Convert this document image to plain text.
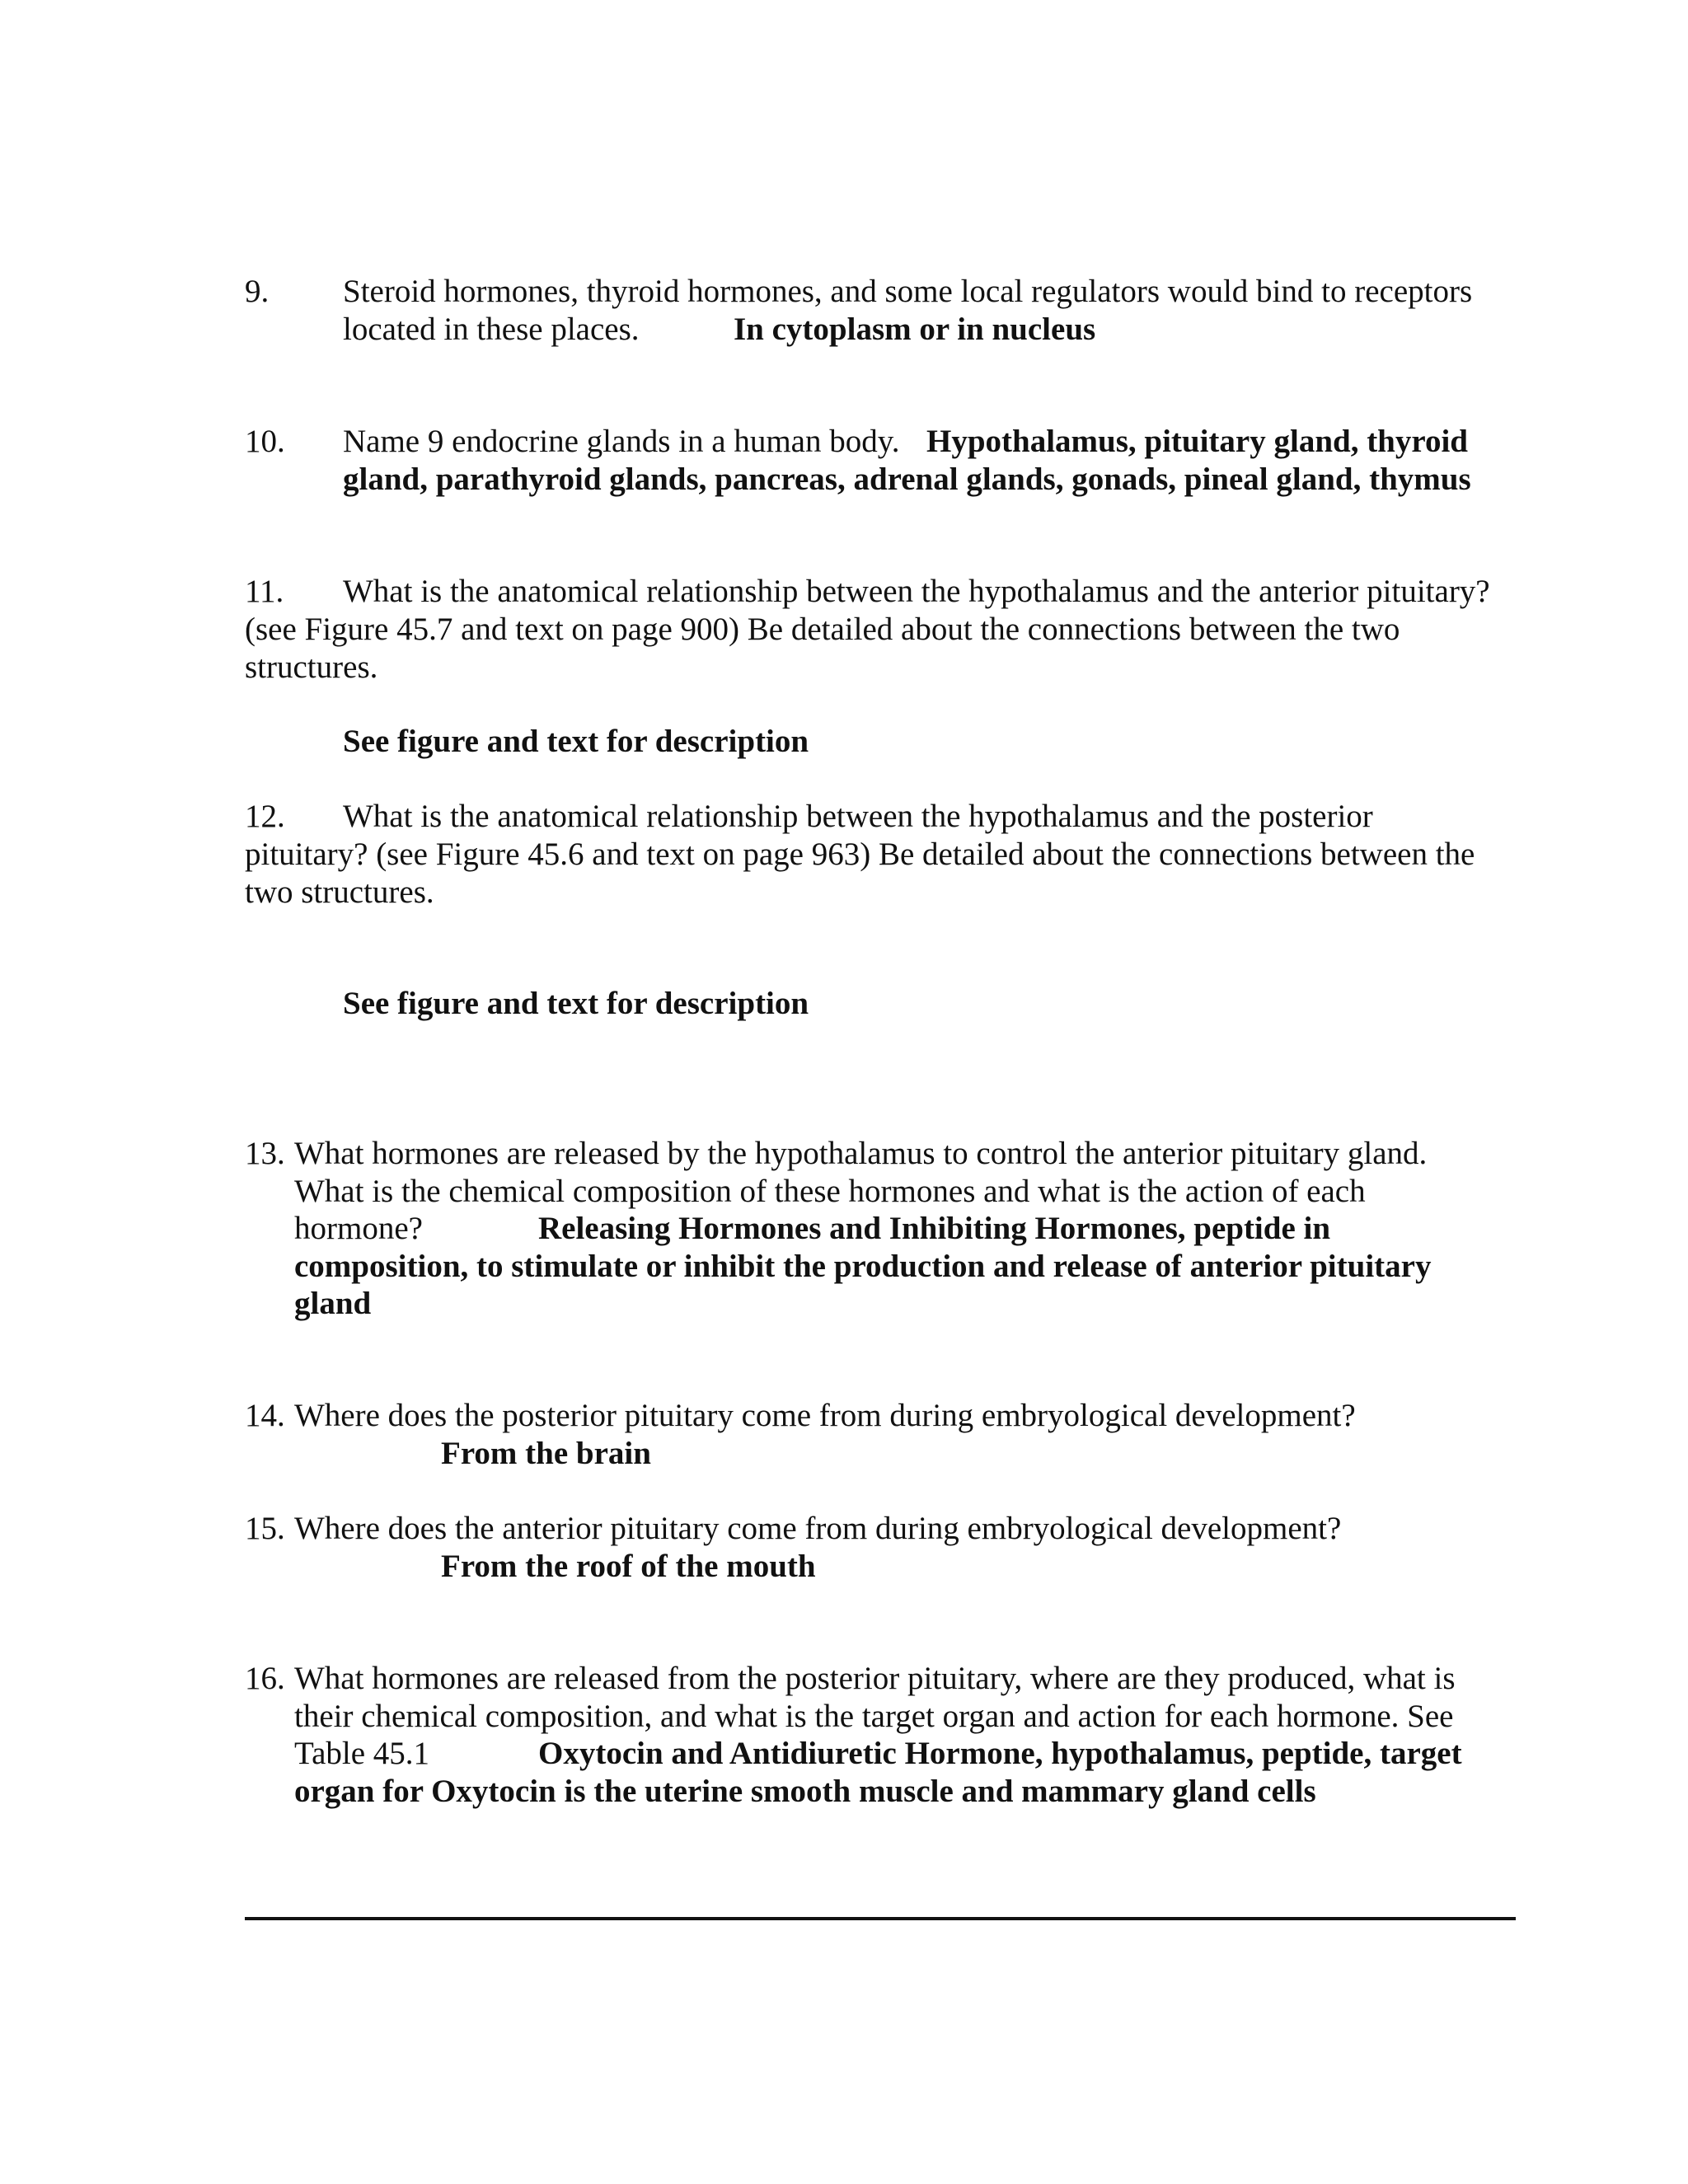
9. Steroid hormones, thyroid hormones, and some local regulators would bind to receptors
located in these places.	In cytoplasm or in nucleus
10. Name 9 endocrine glands in a human body. Hypothalamus, pituitary gland, thyroid
gland, parathyroid glands, pancreas, adrenal glands, gonads, pineal gland, thymus
11. What is the anatomical relationship between the hypothalamus and the anterior pituitary?
(see Figure 45.7 and text on page 900) Be detailed about the connections between the two
structures.
See figure and text for description
12. What is the anatomical relationship between the hypothalamus and the posterior
pituitary? (see Figure 45.6 and text on page 963) Be detailed about the connections between the
two structures.
See figure and text for description
13. What hormones are released by the hypothalamus to control the anterior pituitary gland.
What is the chemical composition of these hormones and what is the action of each
hormone?	Releasing Hormones and Inhibiting Hormones, peptide in
composition, to stimulate or inhibit the production and release of anterior pituitary
gland
14. Where does the posterior pituitary come from during embryological development?
From the brain
15. Where does the anterior pituitary come from during embryological development?
From the roof of the mouth
16. What hormones are released from the posterior pituitary, where are they produced, what is
their chemical composition, and what is the target organ and action for each hormone. See
Table 45.1	Oxytocin and Antidiuretic Hormone, hypothalamus, peptide, target
organ for Oxytocin is the uterine smooth muscle and mammary gland cells
